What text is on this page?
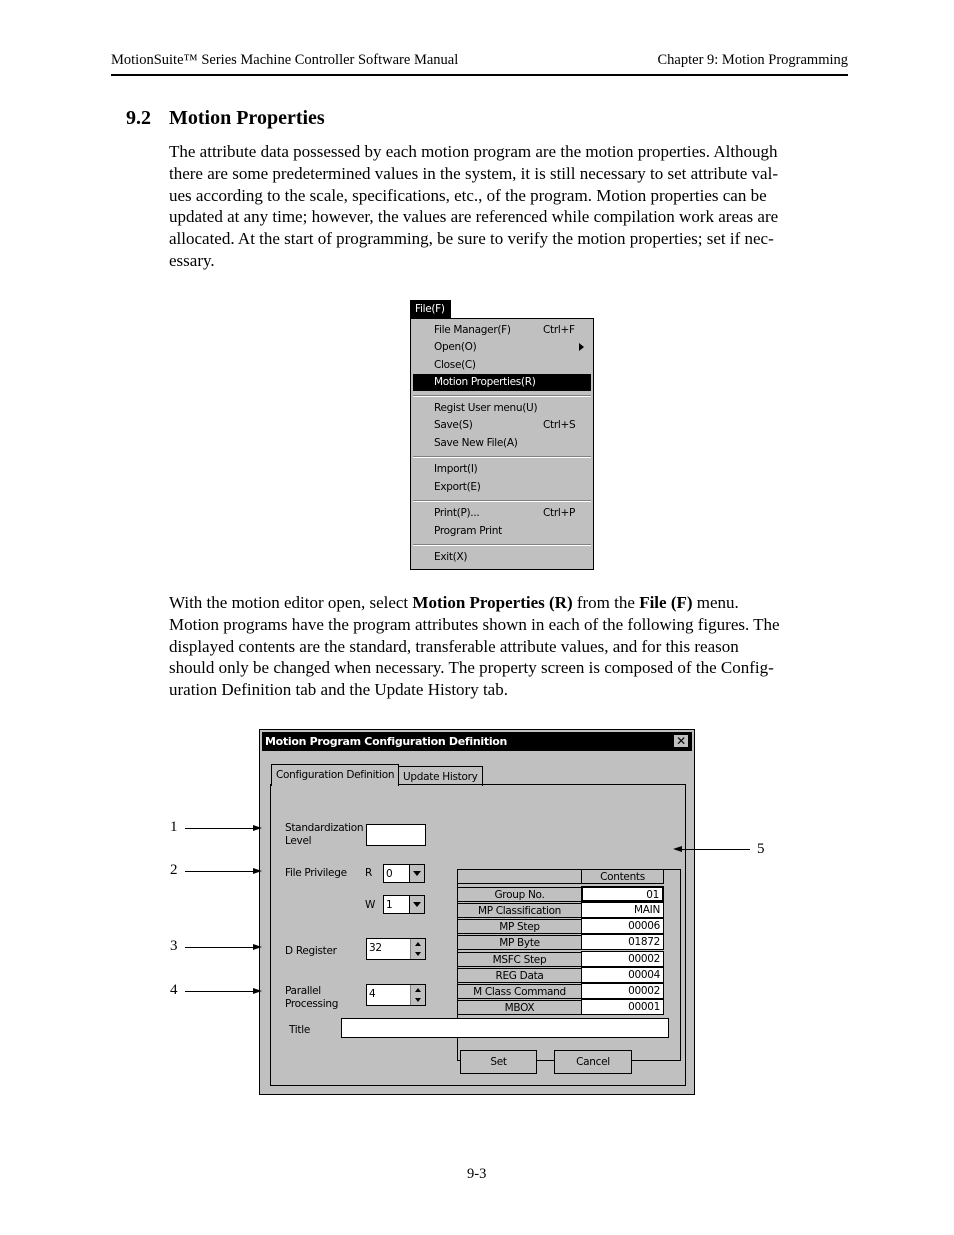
MotionSuite™ Series Machine Controller Software Manual	Chapter 9: Motion Programming
9.2 Motion Properties
The attribute data possessed by each motion program are the motion properties. Although
there are some predetermined values in the system, it is still necessary to set attribute val-
ues according to the scale, specifications, etc., of the program. Motion properties can be
updated at any time; however, the values are referenced while compilation work areas are
allocated. At the start of programming, be sure to verify the motion properties; set if nec-
essary.
File(F)
File Manager(F)	Ctrl+F
Open(O)
Close(C)
Motion Properties(R)
Regist User menu(U)
Save(S)	Ctrl+S
Save New File(A)
Import(I)
Export(E)
Print(P)...	Ctrl+P
Program Print
Exit(X)
With the motion editor open, select Motion Properties (R) from the File (F) menu.
Motion programs have the program attributes shown in each of the following figures. The
displayed contents are the standard, transferable attribute values, and for this reason
should only be changed when necessary. The property screen is composed of the Config-
uration Definition tab and the Update History tab.
Motion Program Configuration Definition	✕
Configuration Definition Update History
Standardization
Level
File Privilege R 0
W 1
D Register	32
Parallel
Processing
4
Contents
Group No.	01
MP Classification	MAIN
MP Step	00006
MP Byte	01872
MSFC Step	00002
REG Data	00004
M Class Command	00002
MBOX	00001
Title
Set	Cancel
1
2
3
4
5
9-3
